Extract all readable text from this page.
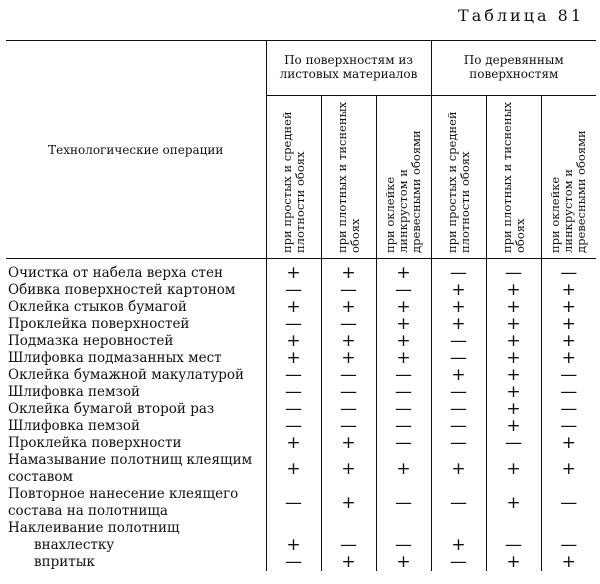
Таблица 81
Технологические операции	По поверхностям из листовых материалов			По деревянным поверхностям		

	при простых и средней плотности обоях	при плотных и тисненых обоях	при оклейке линкрустом и древесными обоями	при простых и средней плотности обоях	при плотных и тисненых обоях	при оклейке линкрустом и древесными обоями

Очистка от набела верха стен	+	+	+	—	—	—
Обивка поверхностей картоном	—	—	—	+	+	+
Оклейка стыков бумагой	+	+	+	+	+	+
Проклейка поверхностей	—	—	+	+	+	+
Подмазка неровностей	+	+	+	—	+	+
Шлифовка подмазанных мест	+	+	+	—	+	+
Оклейка бумажной макулатурой	—	—	—	+	+	—
Шлифовка пемзой	—	—	—	—	+	—
Оклейка бумагой второй раз	—	—	—	—	+	—
Шлифовка пемзой	—	—	—	—	+	—
Проклейка поверхности	+	+	—	—	—	+
Намазывание полотнищ клеящим составом	+	+	+	+	+	+
Повторное нанесение клеящего состава на полотнища	—	+	—	—	+	—
Наклеивание полотнищ						
внахлестку	+	—	—	+	—	—
впритык	—	+	+	—	+	+
